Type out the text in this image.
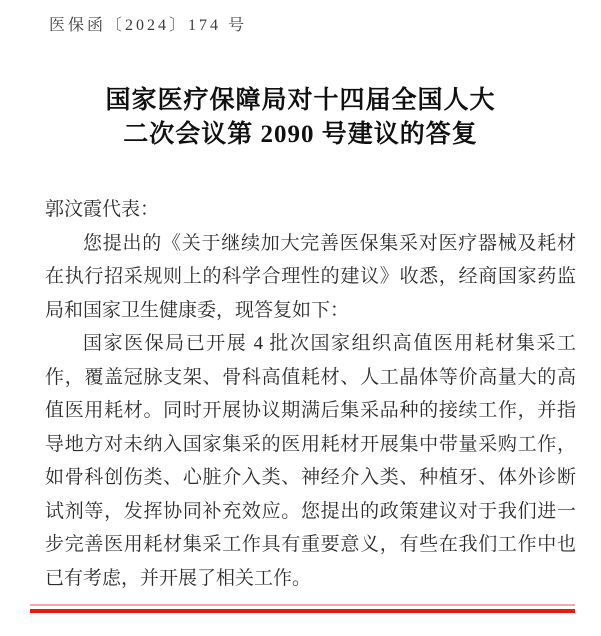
医保函〔2024〕174 号
国家医疗保障局对十四届全国人大
二次会议第 2090 号建议的答复

郭汶霞代表：

您提出的《关于继续加大完善医保集采对医疗器械及耗材在执行招采规则上的科学合理性的建议》收悉，经商国家药监局和国家卫生健康委，现答复如下：

国家医保局已开展 4 批次国家组织高值医用耗材集采工作，覆盖冠脉支架、骨科高值耗材、人工晶体等价高量大的高值医用耗材。同时开展协议期满后集采品种的接续工作，并指导地方对未纳入国家集采的医用耗材开展集中带量采购工作，如骨科创伤类、心脏介入类、神经介入类、种植牙、体外诊断试剂等，发挥协同补充效应。您提出的政策建议对于我们进一步完善医用耗材集采工作具有重要意义，有些在我们工作中也已有考虑，并开展了相关工作。
